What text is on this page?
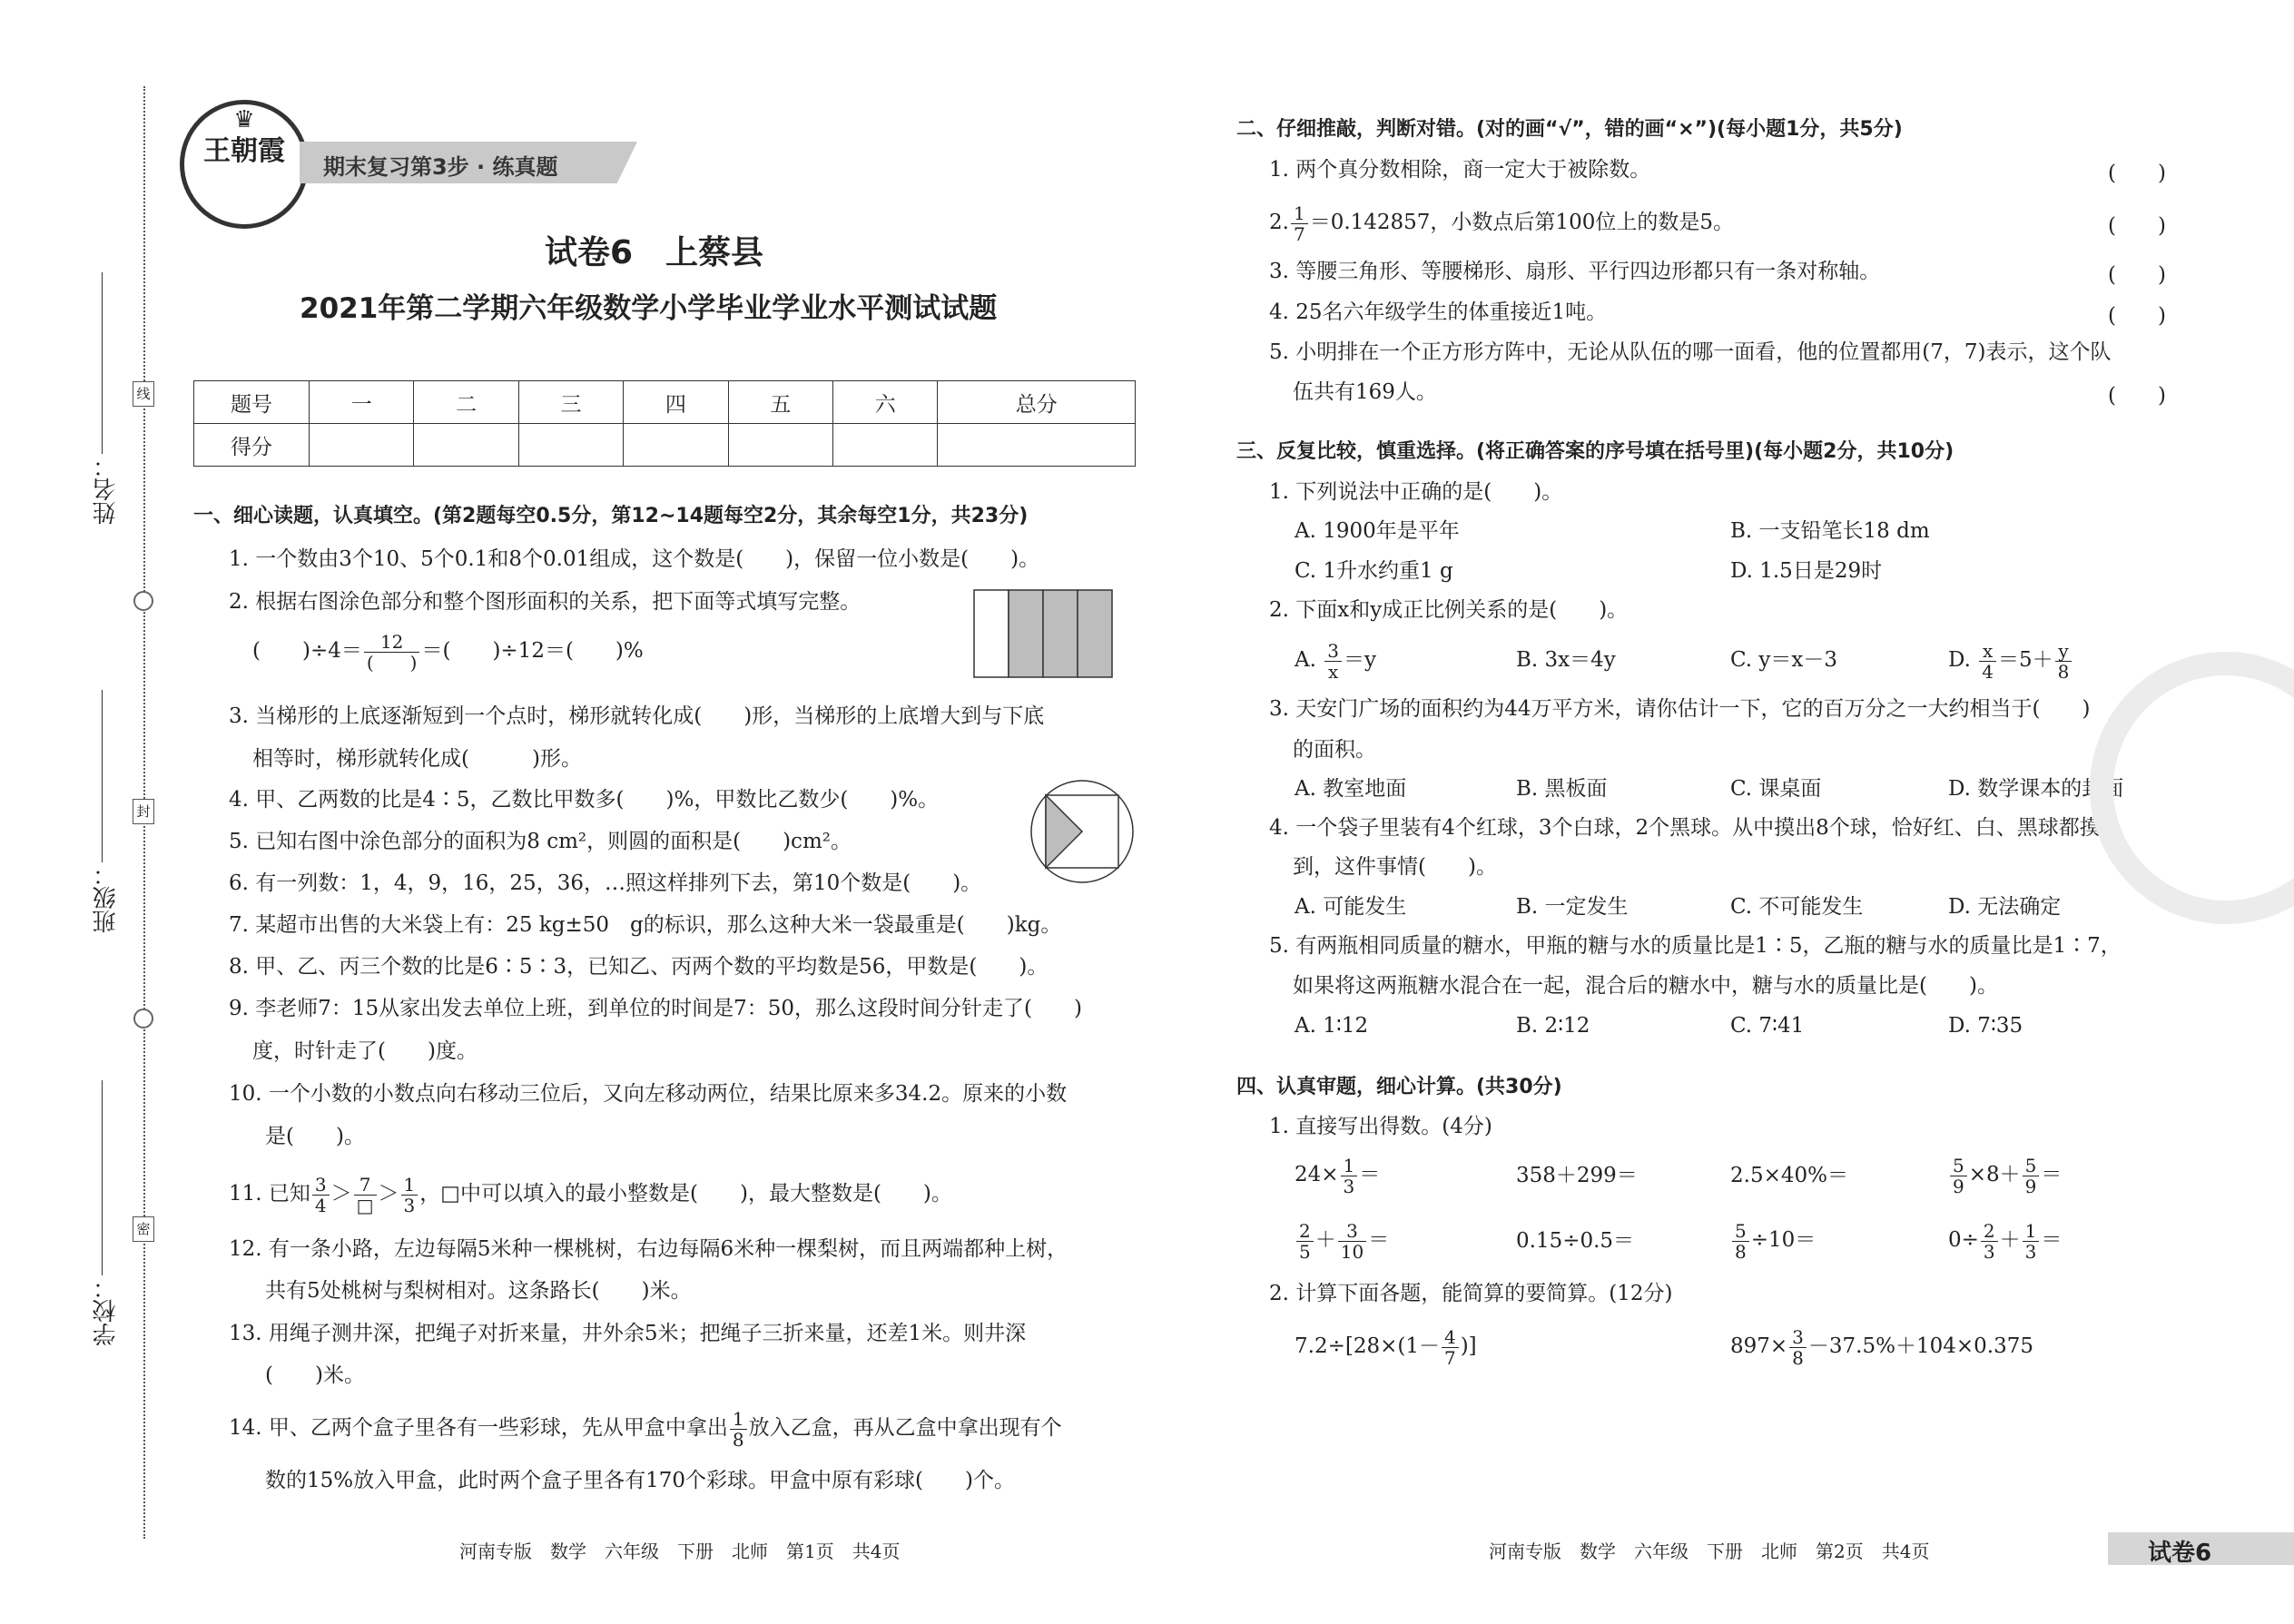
姓名：
班级：
学校：
线
封
密
♛
王朝霞	期末复习第3步 · 练真题
试卷6　上蔡县
2021年第二学期六年级数学小学毕业学业水平测试试题
题号	一	二	三	四	五	六	总分
得分							
一、细心读题，认真填空。(第2题每空0.5分，第12~14题每空2分，其余每空1分，共23分)
1. 一个数由3个10、5个0.1和8个0.01组成，这个数是(　　)，保留一位小数是(　　)。
2. 根据右图涂色部分和整个图形面积的关系，把下面等式填写完整。
(　　)$\div 4= \frac{12}{( )}$ ＝(　　)÷12＝(　　)%
3. 当梯形的上底逐渐短到一个点时，梯形就转化成(　　)形，当梯形的上底增大到与下底
相等时，梯形就转化成(　　　)形。
4. 甲、乙两数的比是4∶5，乙数比甲数多(　　)%，甲数比乙数少(　　)%。
5. 已知右图中涂色部分的面积为8 cm²，则圆的面积是(　　)cm²。
6. 有一列数：1，4，9，16，25，36，…照这样排列下去，第10个数是(　　)。
7. 某超市出售的大米袋上有：25 kg±50　g的标识，那么这种大米一袋最重是(　　)kg。
8. 甲、乙、丙三个数的比是6∶5∶3，已知乙、丙两个数的平均数是56，甲数是(　　)。
9. 李老师7：15从家出发去单位上班，到单位的时间是7：50，那么这段时间分针走了(　　)
度，时针走了(　　)度。
10. 一个小数的小数点向右移动三位后，又向左移动两位，结果比原来多34.2。原来的小数
是(　　)。
11. 已知 $\frac{3}{4} > \frac{7}{□} > \frac{1}{3}$ ，□中可以填入的最小整数是(　　)，最大整数是(　　)。
12. 有一条小路，左边每隔5米种一棵桃树，右边每隔6米种一棵梨树，而且两端都种上树，
共有5处桃树与梨树相对。这条路长(　　)米。
13. 用绳子测井深，把绳子对折来量，井外余5米；把绳子三折来量，还差1米。则井深
(　　)米。
14. 甲、乙两个盒子里各有一些彩球，先从甲盒中拿出 $\frac{1}{8}$ 放入乙盒，再从乙盒中拿出现有个
数的15%放入甲盒，此时两个盒子里各有170个彩球。甲盒中原有彩球(　　)个。
河南专版　数学　六年级　下册　北师　第1页　共4页
二、仔细推敲，判断对错。(对的画“√”，错的画“×”)(每小题1分，共5分)
1. 两个真分数相除，商一定大于被除数。	(　　)
2. $\frac{1}{7} =0.142857$，小数点后第100位上的数是5。	(　　)
3. 等腰三角形、等腰梯形、扇形、平行四边形都只有一条对称轴。	(　　)
4. 25名六年级学生的体重接近1吨。	(　　)
5. 小明排在一个正方形方阵中，无论从队伍的哪一面看，他的位置都用(7，7)表示，这个队
伍共有169人。	(　　)
三、反复比较，慎重选择。(将正确答案的序号填在括号里)(每小题2分，共10分)
1. 下列说法中正确的是(　　)。
A. 1900年是平年	B. 一支铅笔长18 dm
C. 1升水约重1 g	D. 1.5日是29时
2. 下面x和y成正比例关系的是(　　)。
A. $\frac{3}{x} =y$	B. 3x＝4y	C. y＝x－3	D. $\frac{x}{4} =5+ \frac{y}{8}$
3. 天安门广场的面积约为44万平方米，请你估计一下，它的百万分之一大约相当于(　　)
的面积。
A. 教室地面	B. 黑板面	C. 课桌面	D. 数学课本的封面
4. 一个袋子里装有4个红球，3个白球，2个黑球。从中摸出8个球，恰好红、白、黑球都摸
到，这件事情(　　)。
A. 可能发生	B. 一定发生	C. 不可能发生	D. 无法确定
5. 有两瓶相同质量的糖水，甲瓶的糖与水的质量比是1∶5，乙瓶的糖与水的质量比是1∶7，
如果将这两瓶糖水混合在一起，混合后的糖水中，糖与水的质量比是(　　)。
A. 1∶12	B. 2∶12	C. 7∶41	D. 7∶35
四、认真审题，细心计算。(共30分)
1. 直接写出得数。(4分)
$24\times \frac{1}{3}$ ＝	358＋299＝	2.5×40%＝	$\frac{5}{9} \times 8+ \frac{5}{9}$ ＝
$\frac{2}{5} + \frac{3}{10}$ ＝	0.15÷0.5＝	$\frac{5}{8} \div 10=$	$0\div \frac{2}{3} + \frac{1}{3}$ ＝
2. 计算下面各题，能简算的要简算。(12分)
$7.2\div[28\times(1- \frac{4}{7}$ )]	$897\times \frac{3}{8} -37.5\%+104\times 0.375$
河南专版　数学　六年级　下册　北师　第2页　共4页	试卷6
